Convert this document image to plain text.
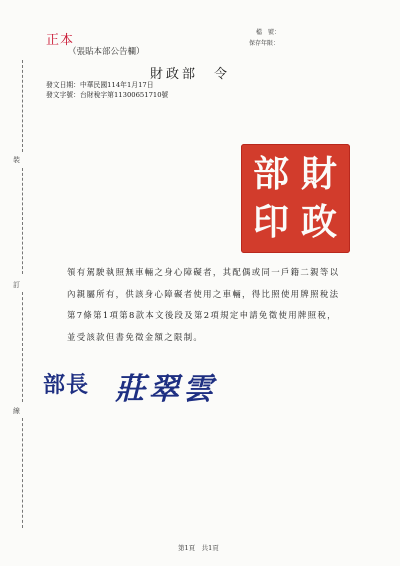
正本
（張貼本部公告欄）
檔　號：
保存年限：
財政部　令
發文日期：中華民國114年1月17日
發文字號：台財稅字第11300651710號
財
政
部
印
領有駕駛執照無車輛之身心障礙者，其配偶或同一戶籍二親等以內親屬所有，供該身心障礙者使用之車輛，得比照使用牌照稅法第7條第1項第8款本文後段及第2項規定申請免徵使用牌照稅，並受該款但書免徵金額之限制。
部長 莊翠雲
裝
訂
線
第1頁　共1頁
